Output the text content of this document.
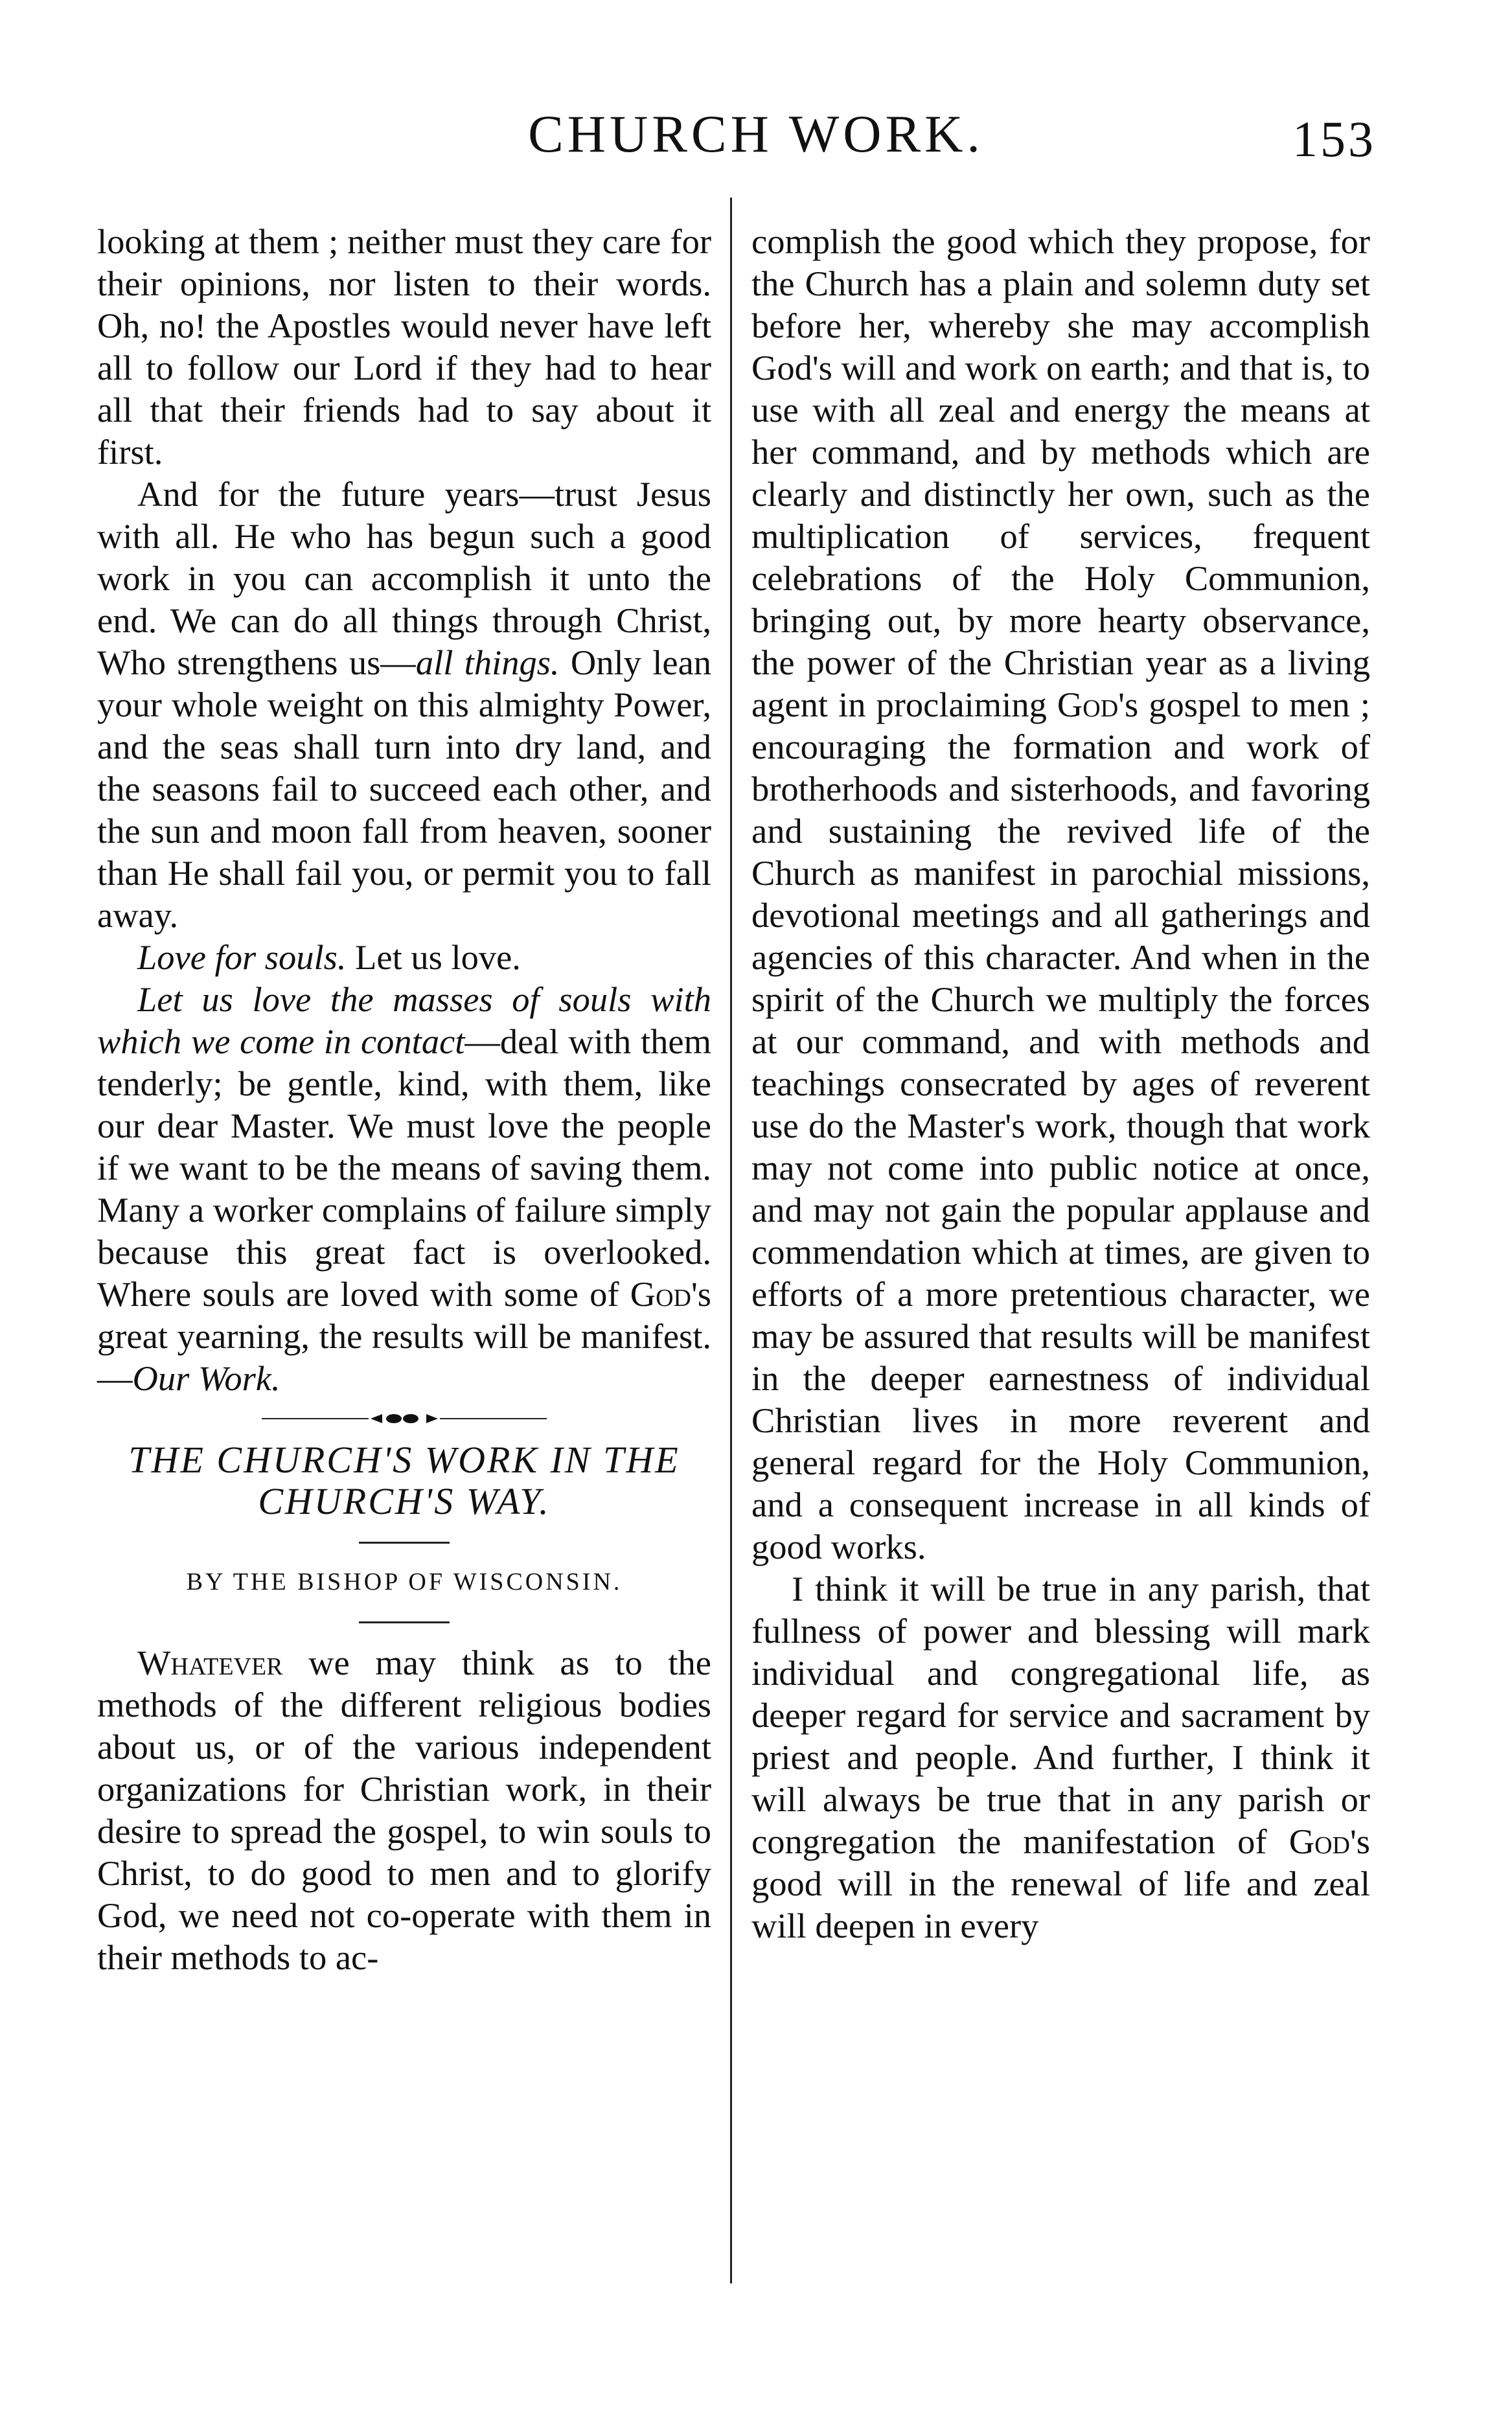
CHURCH WORK.	153

looking at them ; neither must they care for their opinions, nor listen to their words. Oh, no! the Apostles would never have left all to follow our Lord if they had to hear all that their friends had to say about it first.

And for the future years—trust Jesus with all. He who has begun such a good work in you can accomplish it unto the end. We can do all things through Christ, Who strengthens us—all things. Only lean your whole weight on this almighty Power, and the seas shall turn into dry land, and the seasons fail to succeed each other, and the sun and moon fall from heaven, sooner than He shall fail you, or permit you to fall away.

Love for souls. Let us love.

Let us love the masses of souls with which we come in contact—deal with them tenderly; be gentle, kind, with them, like our dear Master. We must love the people if we want to be the means of saving them. Many a worker complains of failure simply because this great fact is overlooked. Where souls are loved with some of God's great yearning, the results will be manifest.—Our Work.

THE CHURCH'S WORK IN THE CHURCH'S WAY.
BY THE BISHOP OF WISCONSIN.

Whatever we may think as to the methods of the different religious bodies about us, or of the various independent organizations for Christian work, in their desire to spread the gospel, to win souls to Christ, to do good to men and to glorify God, we need not co-operate with them in their methods to ac-

complish the good which they propose, for the Church has a plain and solemn duty set before her, whereby she may accomplish God's will and work on earth; and that is, to use with all zeal and energy the means at her command, and by methods which are clearly and distinctly her own, such as the multiplication of services, frequent celebrations of the Holy Communion, bringing out, by more hearty observance, the power of the Christian year as a living agent in proclaiming God's gospel to men ; encouraging the formation and work of brotherhoods and sisterhoods, and favoring and sustaining the revived life of the Church as manifest in parochial missions, devotional meetings and all gatherings and agencies of this character. And when in the spirit of the Church we multiply the forces at our command, and with methods and teachings consecrated by ages of reverent use do the Master's work, though that work may not come into public notice at once, and may not gain the popular applause and commendation which at times, are given to efforts of a more pretentious character, we may be assured that results will be manifest in the deeper earnestness of individual Christian lives in more reverent and general regard for the Holy Communion, and a consequent increase in all kinds of good works.

I think it will be true in any parish, that fullness of power and blessing will mark individual and congregational life, as deeper regard for service and sacrament by priest and people. And further, I think it will always be true that in any parish or congregation the manifestation of God's good will in the renewal of life and zeal will deepen in every
